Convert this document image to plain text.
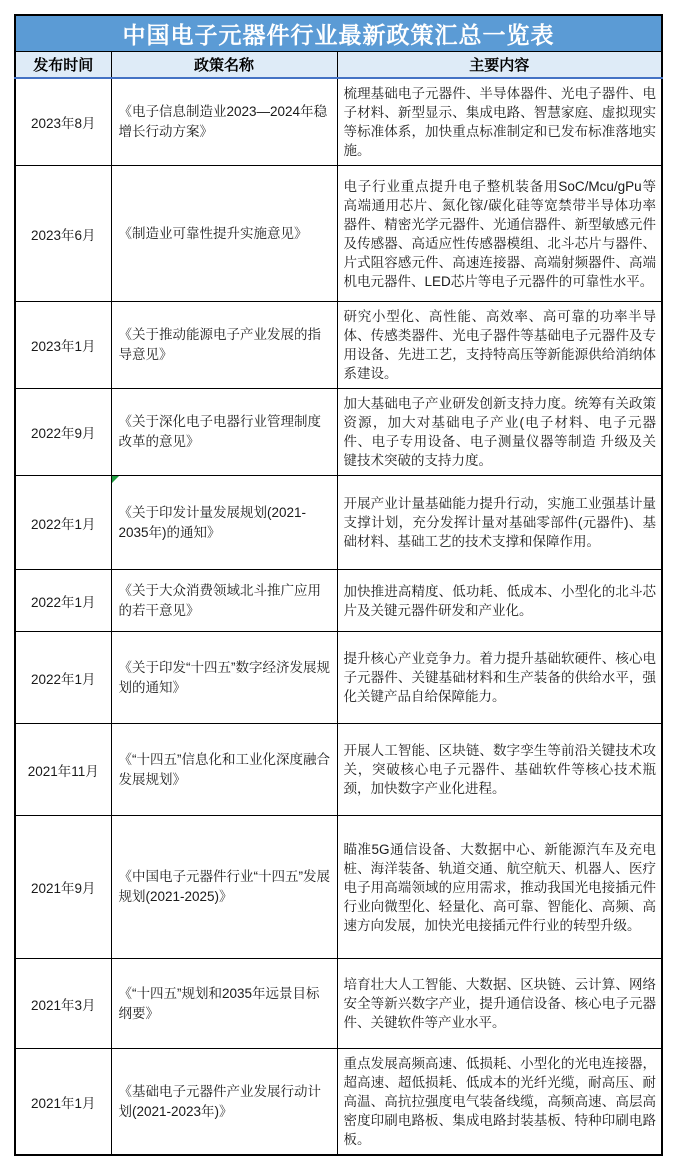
中国电子元器件行业最新政策汇总一览表		
发布时间	政策名称	主要内容
2023年8月	《电子信息制造业2023—2024年稳增长行动方案》	梳理基础电子元器件、半导体器件、光电子器件、电子材料、新型显示、集成电路、智慧家庭、虚拟现实等标准体系，加快重点标准制定和已发布标准落地实施。
2023年6月	《制造业可靠性提升实施意见》	电子行业重点提升电子整机装备用SoC/Mcu/gPu等高端通用芯片、氮化镓/碳化硅等宽禁带半导体功率器件、精密光学元器件、光通信器件、新型敏感元件及传感器、高适应性传感器模组、北斗芯片与器件、片式阻容感元件、高速连接器、高端射频器件、高端机电元器件、LED芯片等电子元器件的可靠性水平。
2023年1月	《关于推动能源电子产业发展的指导意见》	研究小型化、高性能、高效率、高可靠的功率半导体、传感类器件、光电子器件等基础电子元器件及专用设备、先进工艺，支持特高压等新能源供给消纳体系建设。
2022年9月	《关于深化电子电器行业管理制度改革的意见》	加大基础电子产业研发创新支持力度。统筹有关政策资源，加大对基础电子产业(电子材料、电子元器件、电子专用设备、电子测量仪器等制造 升级及关键技术突破的支持力度。
2022年1月	《关于印发计量发展规划(2021-2035年)的通知》	开展产业计量基础能力提升行动，实施工业强基计量支撑计划，充分发挥计量对基础零部件(元器件)、基础材料、基础工艺的技术支撑和保障作用。
2022年1月	《关于大众消费领域北斗推广应用的若干意见》	加快推进高精度、低功耗、低成本、小型化的北斗芯片及关键元器件研发和产业化。
2022年1月	《关于印发“十四五”数字经济发展规划的通知》	提升核心产业竞争力。着力提升基础软硬件、核心电子元器件、关键基础材料和生产装备的供给水平，强化关键产品自给保障能力。
2021年11月	《“十四五”信息化和工业化深度融合发展规划》	开展人工智能、区块链、数字孪生等前沿关键技术攻关，突破核心电子元器件、基础软件等核心技术瓶颈，加快数字产业化进程。
2021年9月	《中国电子元器件行业“十四五”发展规划(2021-2025)》	瞄准5G通信设备、大数据中心、新能源汽车及充电桩、海洋装备、轨道交通、航空航天、机器人、医疗电子用高端领域的应用需求，推动我国光电接插元件行业向微型化、轻量化、高可靠、智能化、高频、高速方向发展，加快光电接插元件行业的转型升级。
2021年3月	《“十四五”规划和2035年远景目标纲要》	培育壮大人工智能、大数据、区块链、云计算、网络安全等新兴数字产业，提升通信设备、核心电子元器件、关键软件等产业水平。
2021年1月	《基础电子元器件产业发展行动计划(2021-2023年)》	重点发展高频高速、低损耗、小型化的光电连接器，超高速、超低损耗、低成本的光纤光缆，耐高压、耐高温、高抗拉强度电气装备线缆，高频高速、高层高密度印刷电路板、集成电路封装基板、特种印刷电路板。
